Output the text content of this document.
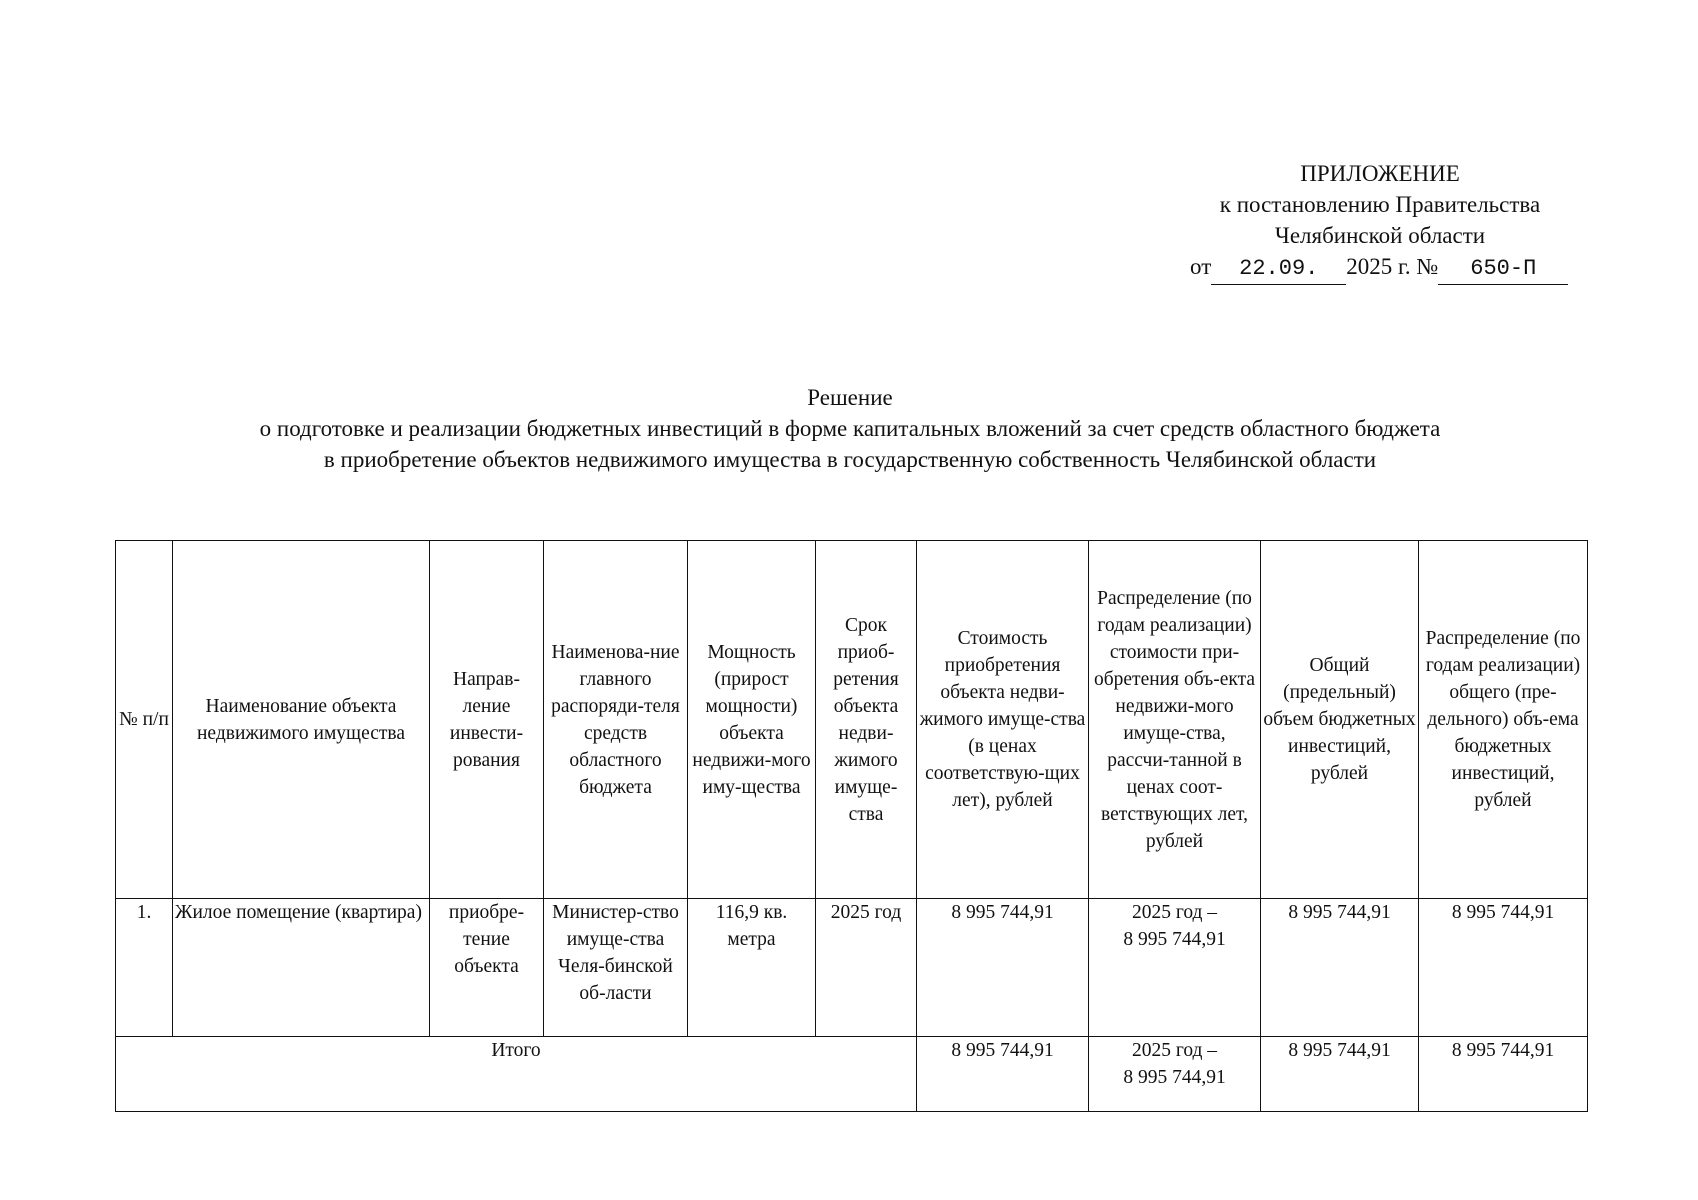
ПРИЛОЖЕНИЕ
к постановлению Правительства
Челябинской области
от 22.09. 2025 г. № 650-П
Решение
о подготовке и реализации бюджетных инвестиций в форме капитальных вложений за счет средств областного бюджета
в приобретение объектов недвижимого имущества в государственную собственность Челябинской области
№ п/п	Наименование объекта недвижимого имущества	Направ-ление инвести-рования	Наименова-ние главного распоряди-теля средств областного бюджета	Мощность (прирост мощности) объекта недвижи-мого иму-щества	Срок приоб-ретения объекта недви-жимого имуще-ства	Стоимость приобретения объекта недви-жимого имуще-ства (в ценах соответствую-щих лет), рублей	Распределение (по годам реализации) стоимости при-обретения объ-екта недвижи-мого имуще-ства, рассчи-танной в ценах соот-ветствующих лет, рублей	Общий (предельный) объем бюджетных инвестиций, рублей	Распределение (по годам реализации) общего (пре-дельного) объ-ема бюджетных инвестиций, рублей
1.	Жилое помещение (квартира)	приобре-тение объекта	Министер-ство имуще-ства Челя-бинской об-ласти	116,9 кв. метра	2025 год	8 995 744,91	2025 год –
8 995 744,91	8 995 744,91	8 995 744,91
Итого						8 995 744,91	2025 год –
8 995 744,91	8 995 744,91	8 995 744,91
